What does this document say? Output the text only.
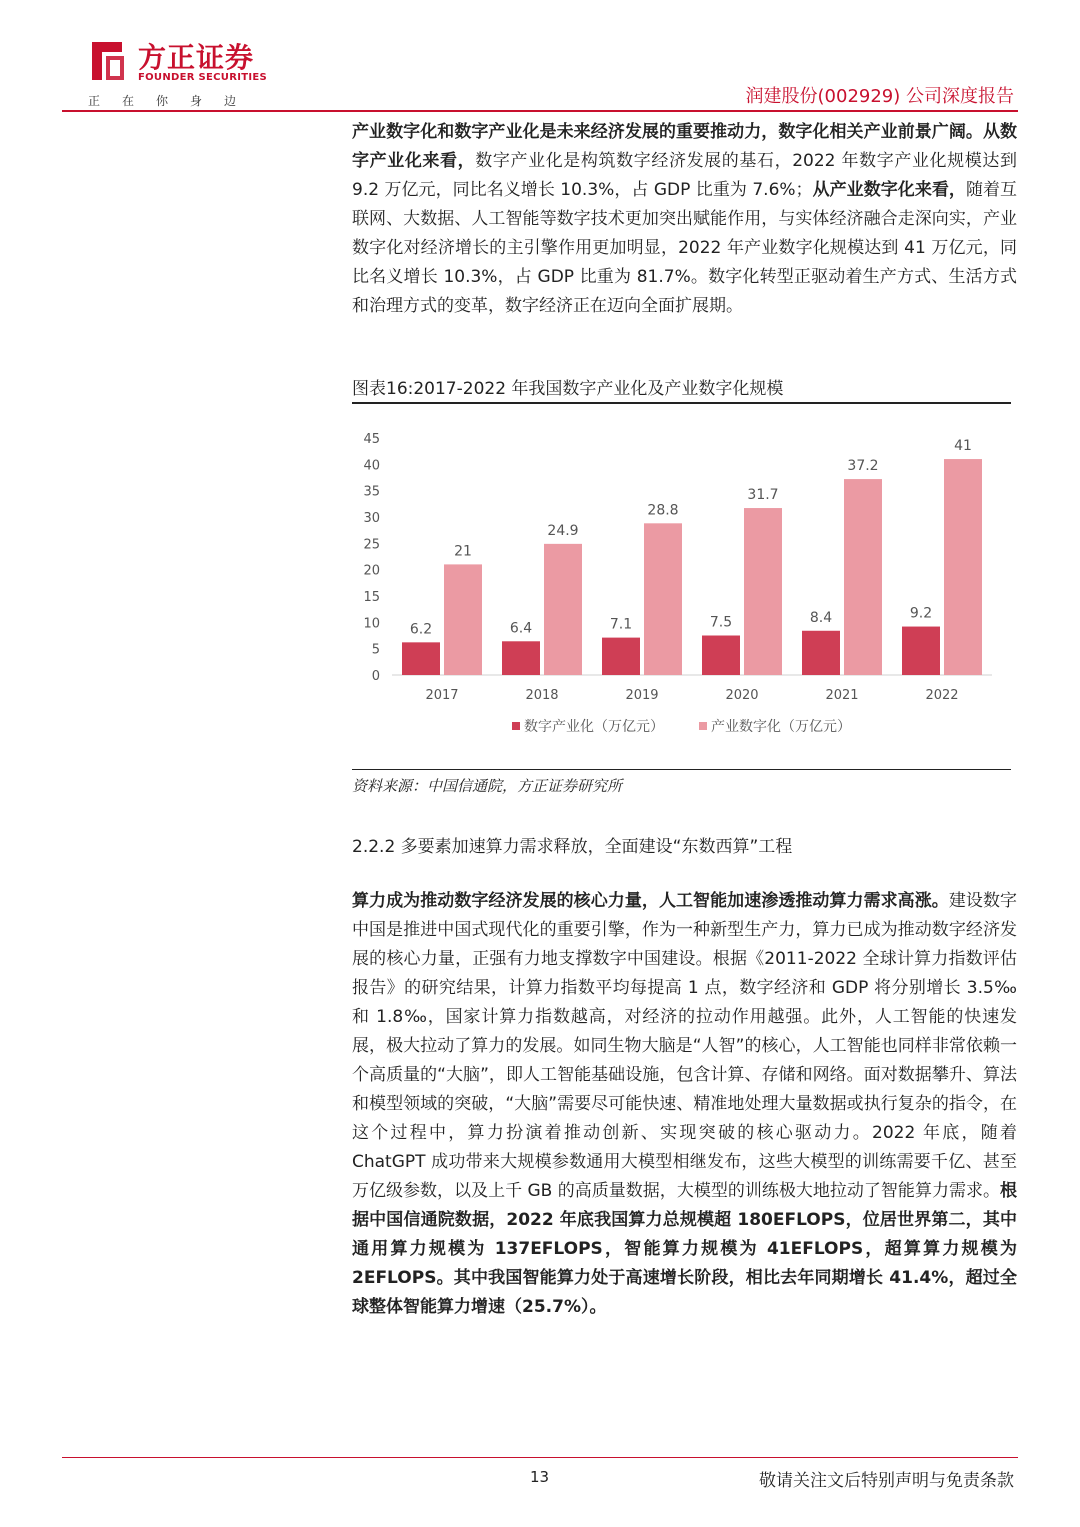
方正证券
FOUNDER SECURITIES
正在你身边	润建股份(002929) 公司深度报告
产业数字化和数字产业化是未来经济发展的重要推动力，数字化相关产业前景广阔。从数字产业化来看，数字产业化是构筑数字经济发展的基石，2022 年数字产业化规模达到 9.2 万亿元，同比名义增长 10.3%，占 GDP 比重为 7.6%；从产业数字化来看，随着互联网、大数据、人工智能等数字技术更加突出赋能作用，与实体经济融合走深向实，产业数字化对经济增长的主引擎作用更加明显，2022 年产业数字化规模达到 41 万亿元，同比名义增长 10.3%，占 GDP 比重为 81.7%。数字化转型正驱动着生产方式、生活方式和治理方式的变革，数字经济正在迈向全面扩展期。
图表16:2017-2022 年我国数字产业化及产业数字化规模
0
5
10
15
20
25
30
35
40
45
6.2
21
2017
6.4
24.9
2018
7.1
28.8
2019
7.5
31.7
2020
8.4
37.2
2021
9.2
41
2022
数字产业化（万亿元）	产业数字化（万亿元）
资料来源：中国信通院，方正证券研究所
2.2.2 多要素加速算力需求释放，全面建设“东数西算”工程
算力成为推动数字经济发展的核心力量，人工智能加速渗透推动算力需求高涨。建设数字中国是推进中国式现代化的重要引擎，作为一种新型生产力，算力已成为推动数字经济发展的核心力量，正强有力地支撑数字中国建设。根据《2011-2022 全球计算力指数评估报告》的研究结果，计算力指数平均每提高 1 点，数字经济和 GDP 将分别增长 3.5‰和 1.8‰，国家计算力指数越高，对经济的拉动作用越强。此外，人工智能的快速发展，极大拉动了算力的发展。如同生物大脑是“人智”的核心，人工智能也同样非常依赖一个高质量的“大脑”，即人工智能基础设施，包含计算、存储和网络。面对数据攀升、算法和模型领域的突破，“大脑”需要尽可能快速、精准地处理大量数据或执行复杂的指令，在这个过程中，算力扮演着推动创新、实现突破的核心驱动力。2022 年底，随着 ChatGPT 成功带来大规模参数通用大模型相继发布，这些大模型的训练需要千亿、甚至万亿级参数，以及上千 GB 的高质量数据，大模型的训练极大地拉动了智能算力需求。根据中国信通院数据，2022 年底我国算力总规模超 180EFLOPS，位居世界第二，其中通用算力规模为 137EFLOPS，智能算力规模为 41EFLOPS，超算算力规模为 2EFLOPS。其中我国智能算力处于高速增长阶段，相比去年同期增长 41.4%，超过全球整体智能算力增速（25.7%）。
13	敬请关注文后特别声明与免责条款
